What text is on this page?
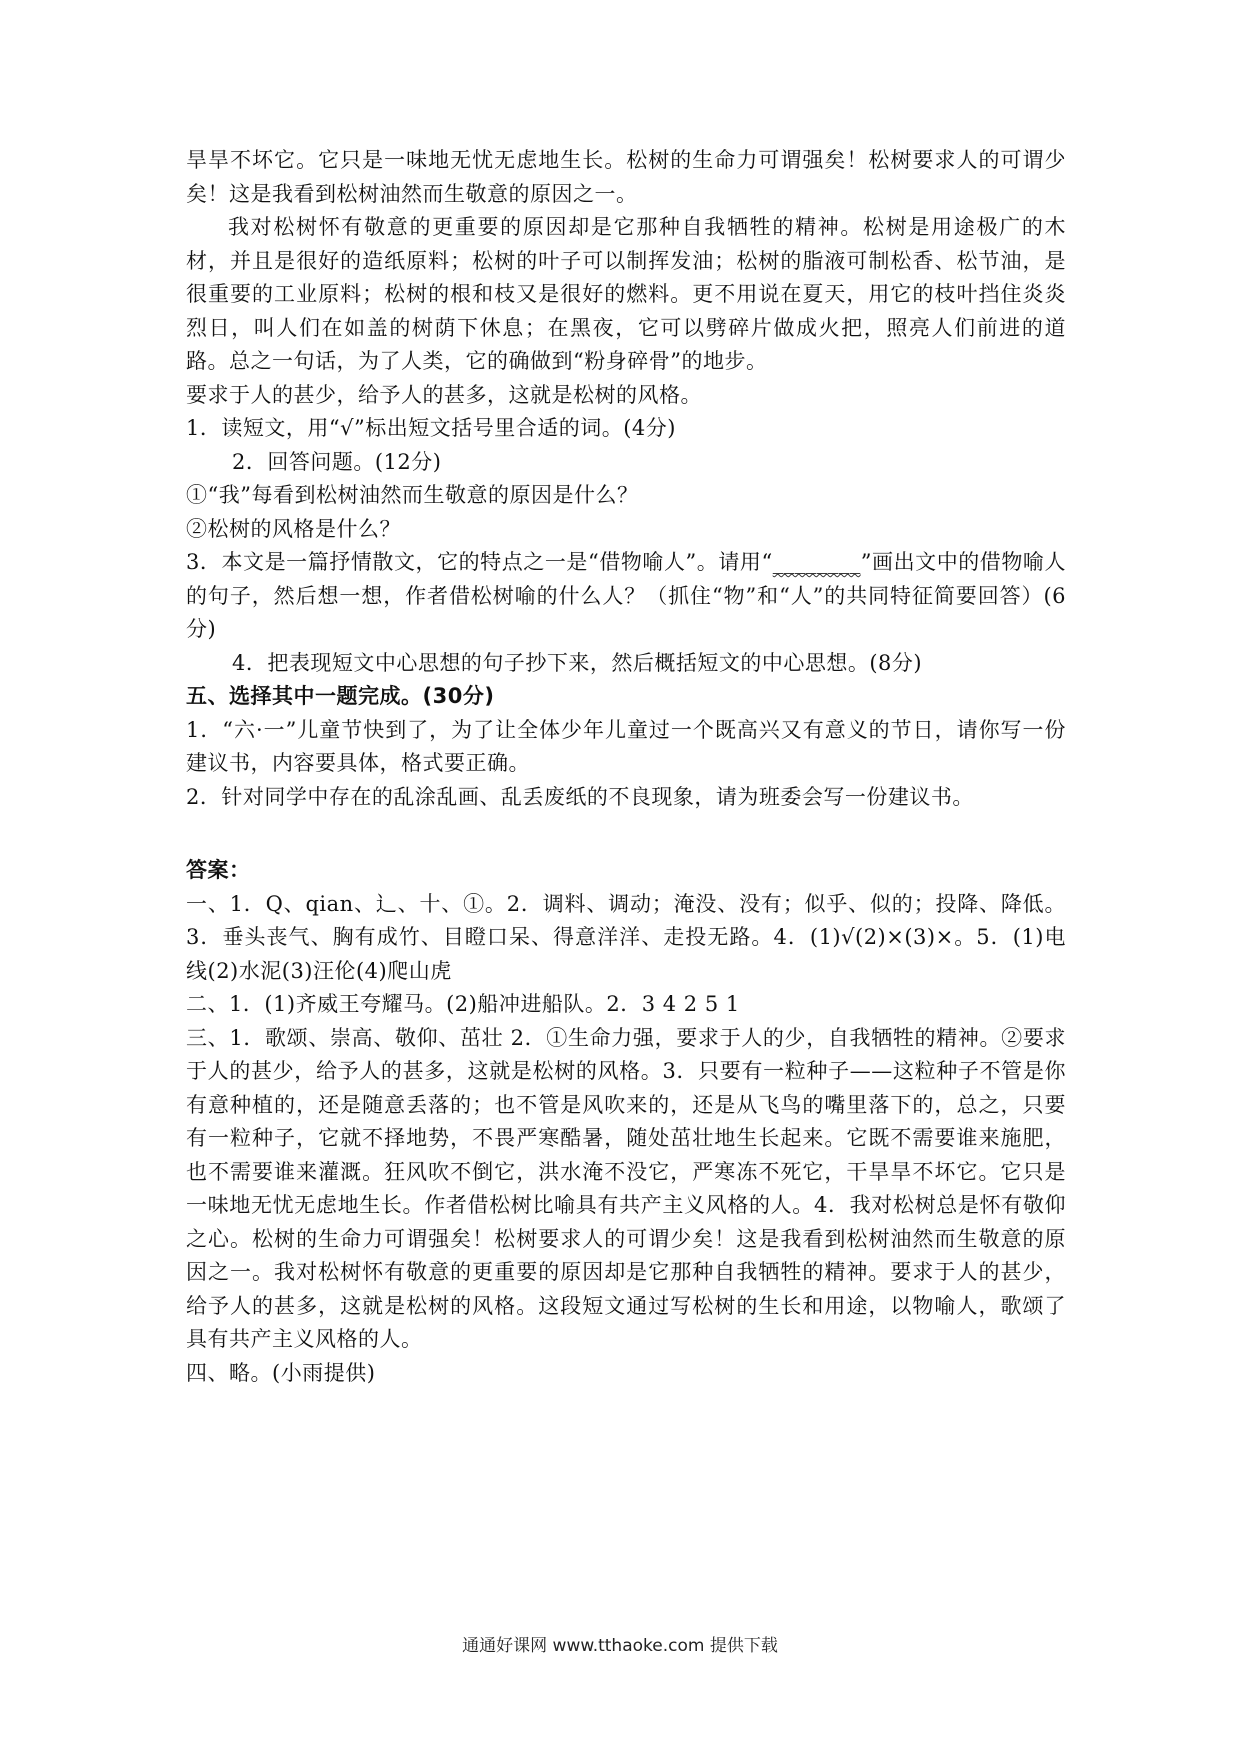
旱旱不坏它。它只是一味地无忧无虑地生长。松树的生命力可谓强矣！松树要求人的可谓少矣！这是我看到松树油然而生敬意的原因之一。

我对松树怀有敬意的更重要的原因却是它那种自我牺牲的精神。松树是用途极广的木材，并且是很好的造纸原料；松树的叶子可以制挥发油；松树的脂液可制松香、松节油，是很重要的工业原料；松树的根和枝又是很好的燃料。更不用说在夏天，用它的枝叶挡住炎炎烈日，叫人们在如盖的树荫下休息；在黑夜，它可以劈碎片做成火把，照亮人们前进的道路。总之一句话，为了人类，它的确做到“粉身碎骨”的地步。

要求于人的甚少，给予人的甚多，这就是松树的风格。

1．读短文，用“√”标出短文括号里合适的词。(4分)

2．回答问题。(12分)

①“我”每看到松树油然而生敬意的原因是什么？

②松树的风格是什么？

3．本文是一篇抒情散文，它的特点之一是“借物喻人”。请用“________”画出文中的借物喻人的句子，然后想一想，作者借松树喻的什么人？（抓住“物”和“人”的共同特征简要回答）(6分)

4．把表现短文中心思想的句子抄下来，然后概括短文的中心思想。(8分)

五、选择其中一题完成。(30分)

1．“六·一”儿童节快到了，为了让全体少年儿童过一个既高兴又有意义的节日，请你写一份建议书，内容要具体，格式要正确。

2．针对同学中存在的乱涂乱画、乱丢废纸的不良现象，请为班委会写一份建议书。

答案：

一、1．Q、qian、辶、十、①。2．调料、调动；淹没、没有；似乎、似的；投降、降低。3．垂头丧气、胸有成竹、目瞪口呆、得意洋洋、走投无路。4．(1)√(2)×(3)×。5．(1)电线(2)水泥(3)汪伦(4)爬山虎

二、1．(1)齐威王夸耀马。(2)船冲进船队。2．3 4 2 5 1

三、1．歌颂、崇高、敬仰、茁壮 2．①生命力强，要求于人的少，自我牺牲的精神。②要求于人的甚少，给予人的甚多，这就是松树的风格。3．只要有一粒种子——这粒种子不管是你有意种植的，还是随意丢落的；也不管是风吹来的，还是从飞鸟的嘴里落下的，总之，只要有一粒种子，它就不择地势，不畏严寒酷暑，随处茁壮地生长起来。它既不需要谁来施肥，也不需要谁来灌溉。狂风吹不倒它，洪水淹不没它，严寒冻不死它，干旱旱不坏它。它只是一味地无忧无虑地生长。作者借松树比喻具有共产主义风格的人。4．我对松树总是怀有敬仰之心。松树的生命力可谓强矣！松树要求人的可谓少矣！这是我看到松树油然而生敬意的原因之一。我对松树怀有敬意的更重要的原因却是它那种自我牺牲的精神。要求于人的甚少，给予人的甚多，这就是松树的风格。这段短文通过写松树的生长和用途，以物喻人，歌颂了具有共产主义风格的人。

四、略。(小雨提供)

通通好课网 www.tthaoke.com 提供下载
